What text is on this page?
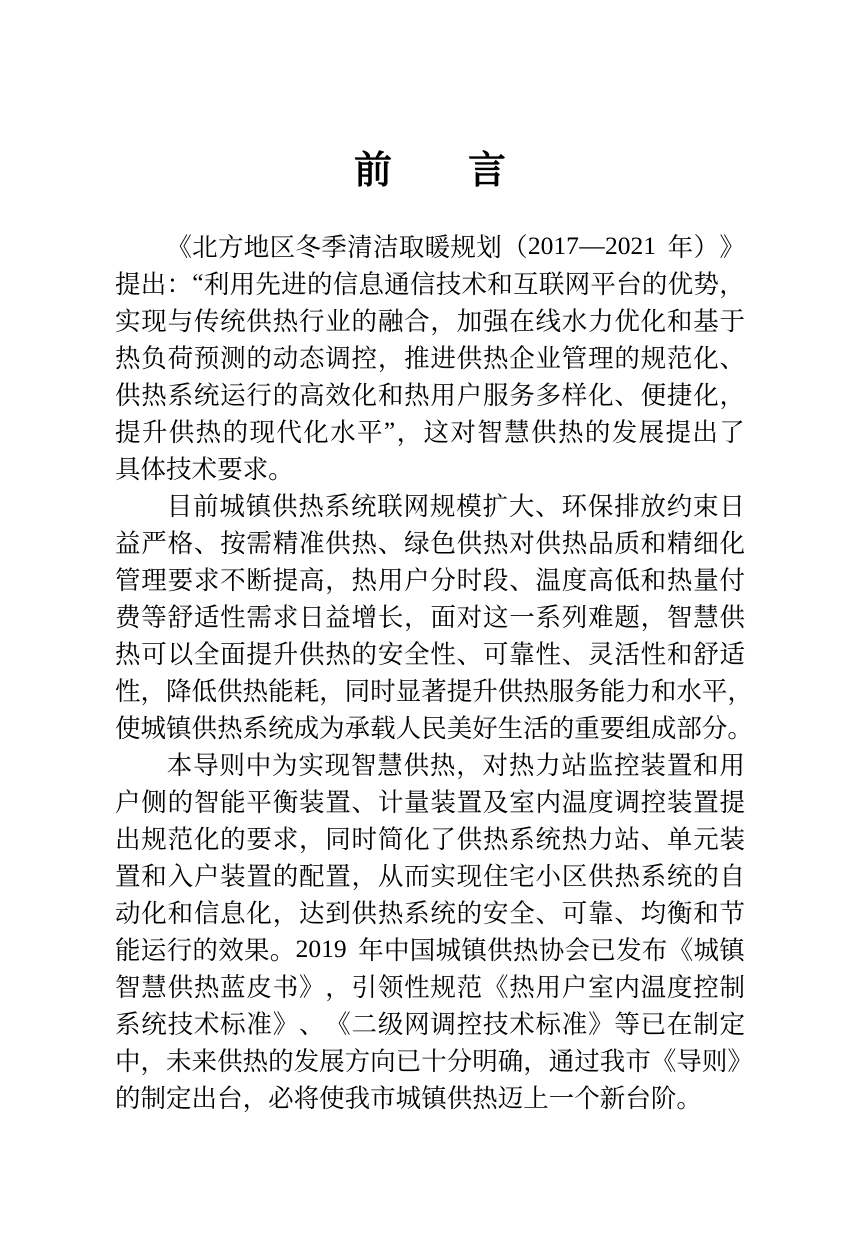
前　　言
《 北 方 地 区 冬 季 清 洁 取 暖 规 划 （ 2017 — 2021
年 ） 》
提 出 ： “ 利 用 先 进 的 信 息 通 信 技 术 和 互 联 网 平 台 的 优 势 ，
实 现 与 传 统 供 热 行 业 的 融 合 ， 加 强 在 线 水 力 优 化 和 基 于
热 负 荷 预 测 的 动 态 调 控 ， 推 进 供 热 企 业 管 理 的 规 范 化 、
供 热 系 统 运 行 的 高 效 化 和 热 用 户 服 务 多 样 化 、 便 捷 化 ，
提 升 供 热 的 现 代 化 水 平 ” ， 这 对 智 慧 供 热 的 发 展 提 出 了
具 体 技 术 要 求 。
目 前 城 镇 供 热 系 统 联 网 规 模 扩 大 、 环 保 排 放 约 束 日
益 严 格 、 按 需 精 准 供 热 、 绿 色 供 热 对 供 热 品 质 和 精 细 化
管 理 要 求 不 断 提 高 ， 热 用 户 分 时 段 、 温 度 高 低 和 热 量 付
费 等 舒 适 性 需 求 日 益 增 长 ， 面 对 这 一 系 列 难 题 ， 智 慧 供
热 可 以 全 面 提 升 供 热 的 安 全 性 、 可 靠 性 、 灵 活 性 和 舒 适
性 ， 降 低 供 热 能 耗 ， 同 时 显 著 提 升 供 热 服 务 能 力 和 水 平 ，
使 城 镇 供 热 系 统 成 为 承 载 人 民 美 好 生 活 的 重 要 组 成 部 分 。
本 导 则 中 为 实 现 智 慧 供 热 ， 对 热 力 站 监 控 装 置 和 用
户 侧 的 智 能 平 衡 装 置 、 计 量 装 置 及 室 内 温 度 调 控 装 置 提
出 规 范 化 的 要 求 ， 同 时 简 化 了 供 热 系 统 热 力 站 、 单 元 装
置 和 入 户 装 置 的 配 置 ， 从 而 实 现 住 宅 小 区 供 热 系 统 的 自
动 化 和 信 息 化 ， 达 到 供 热 系 统 的 安 全 、 可 靠 、 均 衡 和 节
能 运 行 的 效 果 。 2019
年 中 国 城 镇 供 热 协 会 已 发 布 《 城 镇
智 慧 供 热 蓝 皮 书 》 ， 引 领 性 规 范 《 热 用 户 室 内 温 度 控 制
系 统 技 术 标 准 》 、 《 二 级 网 调 控 技 术 标 准 》 等 已 在 制 定
中 ， 未 来 供 热 的 发 展 方 向 已 十 分 明 确 ， 通 过 我 市 《 导 则 》
的 制 定 出 台 ， 必 将 使 我 市 城 镇 供 热 迈 上 一 个 新 台 阶 。
